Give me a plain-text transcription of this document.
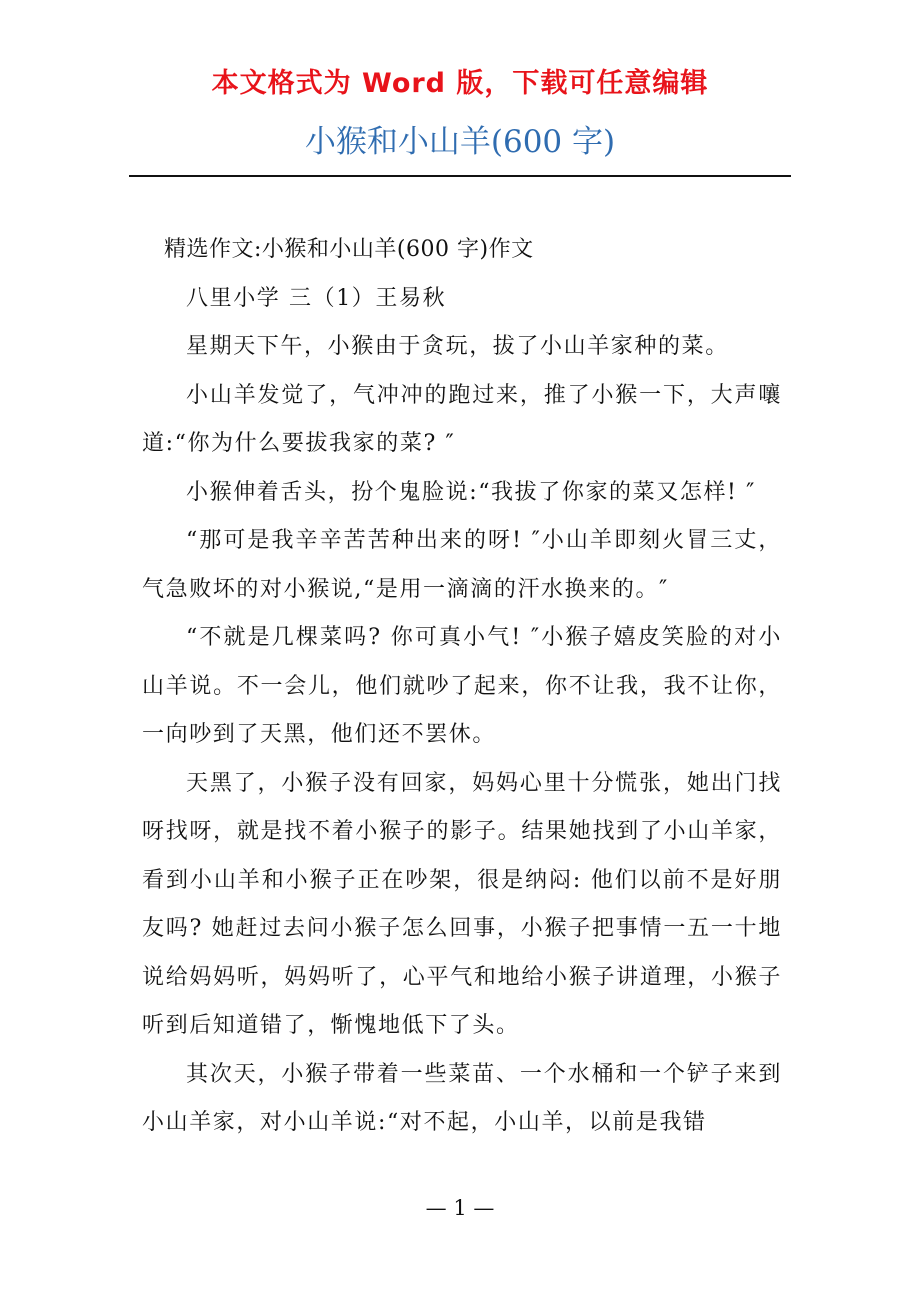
本文格式为 Word 版，下载可任意编辑
小猴和小山羊(600 字)

精选作文:小猴和小山羊(600 字)作文

八里小学 三（1）王易秋

星期天下午，小猴由于贪玩，拔了小山羊家种的菜。

小山羊发觉了，气冲冲的跑过来，推了小猴一下，大声嚷道:“你为什么要拔我家的菜? ″

小猴伸着舌头，扮个鬼脸说:“我拔了你家的菜又怎样! ″

“那可是我辛辛苦苦种出来的呀! ″小山羊即刻火冒三丈，气急败坏的对小猴说,“是用一滴滴的汗水换来的。″

“不就是几棵菜吗? 你可真小气! ″小猴子嬉皮笑脸的对小山羊说。不一会儿，他们就吵了起来，你不让我，我不让你，一向吵到了天黑，他们还不罢休。

天黑了，小猴子没有回家，妈妈心里十分慌张，她出门找呀找呀，就是找不着小猴子的影子。结果她找到了小山羊家，看到小山羊和小猴子正在吵架，很是纳闷: 他们以前不是好朋友吗? 她赶过去问小猴子怎么回事，小猴子把事情一五一十地说给妈妈听，妈妈听了，心平气和地给小猴子讲道理，小猴子听到后知道错了，惭愧地低下了头。

其次天，小猴子带着一些菜苗、一个水桶和一个铲子来到小山羊家，对小山羊说:“对不起，小山羊，以前是我错

— 1 —
